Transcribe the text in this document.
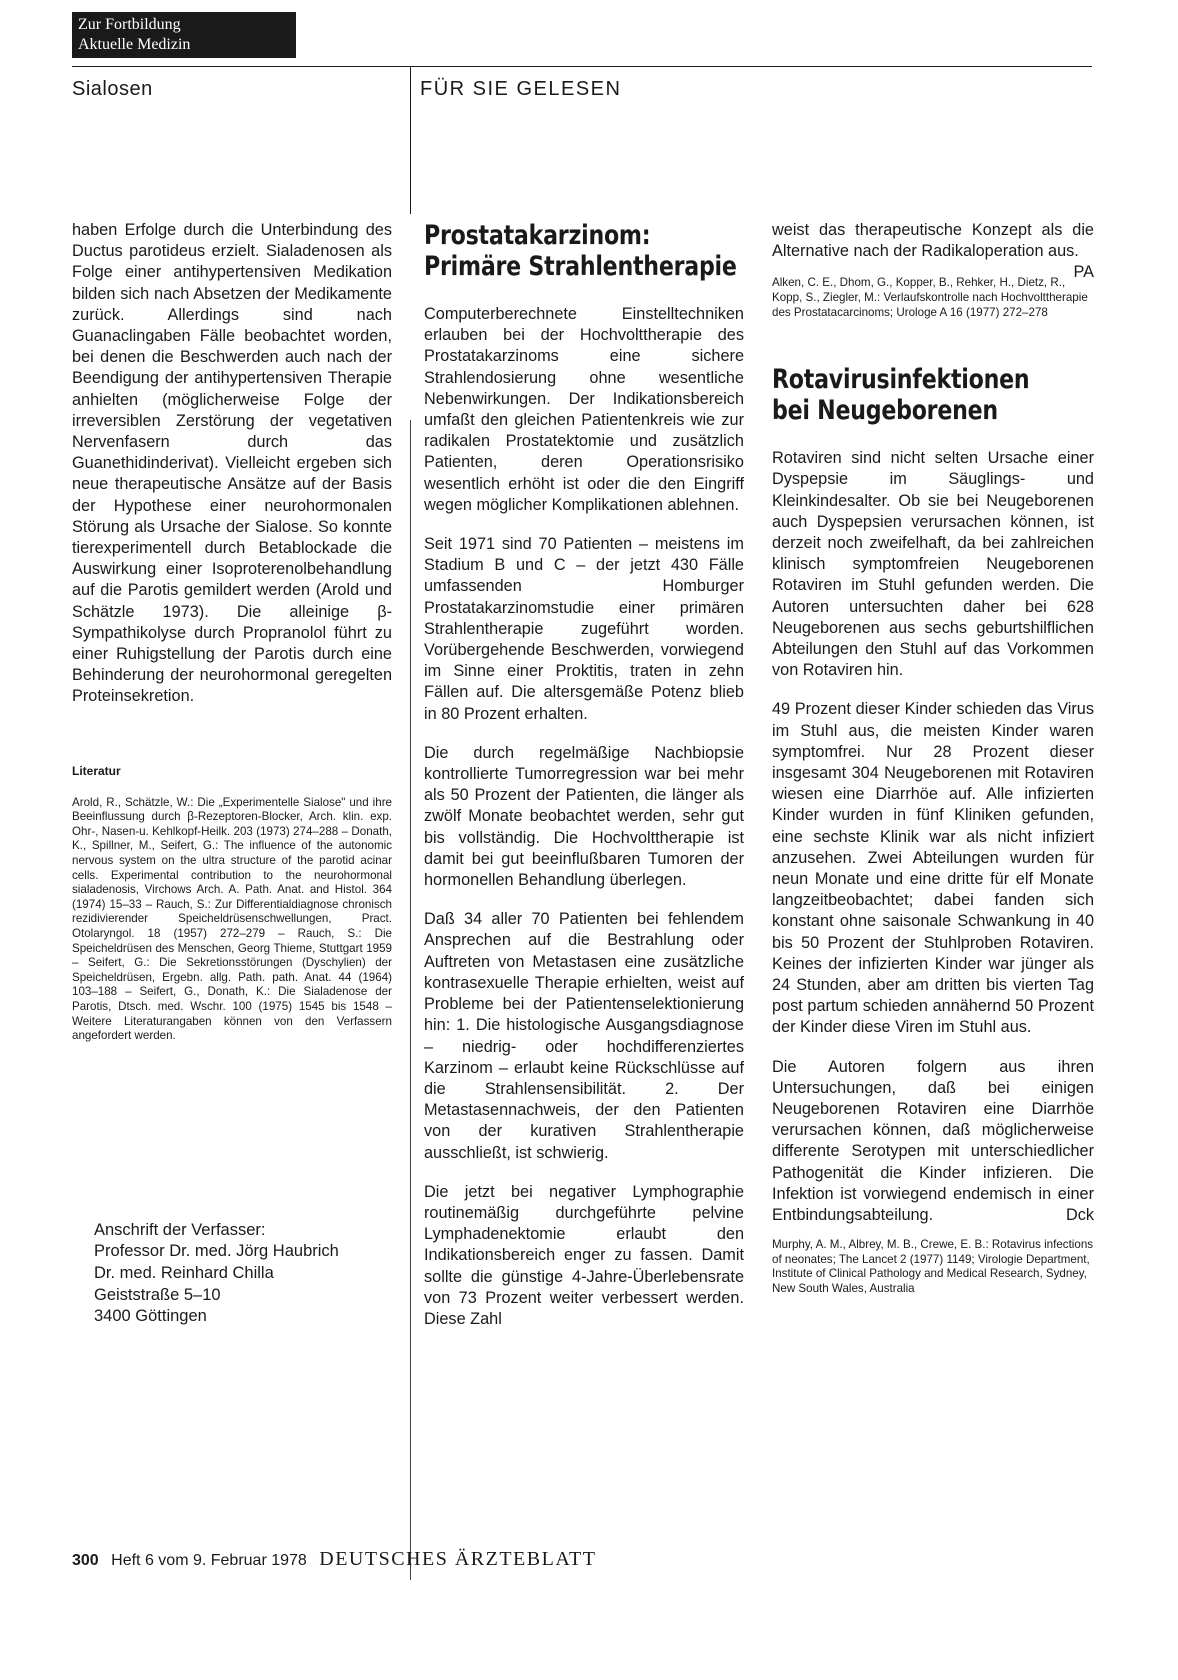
Zur Fortbildung
Aktuelle Medizin
Sialosen	FÜR SIE GELESEN

haben Erfolge durch die Unterbindung des Ductus parotideus erzielt. Sialadenosen als Folge einer antihypertensiven Medikation bilden sich nach Absetzen der Medikamente zurück. Allerdings sind nach Guanaclingaben Fälle beobachtet worden, bei denen die Beschwerden auch nach der Beendigung der antihypertensiven Therapie anhielten (möglicherweise Folge der irreversiblen Zerstörung der vegetativen Nervenfasern durch das Guanethidinderivat). Vielleicht ergeben sich neue therapeutische Ansätze auf der Basis der Hypothese einer neurohormonalen Störung als Ursache der Sialose. So konnte tierexperimentell durch Betablockade die Auswirkung einer Isoproterenolbehandlung auf die Parotis gemildert werden (Arold und Schätzle 1973). Die alleinige β-Sympathikolyse durch Propranolol führt zu einer Ruhigstellung der Parotis durch eine Behinderung der neurohormonal geregelten Proteinsekretion.

Literatur

Arold, R., Schätzle, W.: Die „Experimentelle Sialose" und ihre Beeinflussung durch β-Rezeptoren-Blocker, Arch. klin. exp. Ohr-, Nasen-u. Kehlkopf-Heilk. 203 (1973) 274–288 – Donath, K., Spillner, M., Seifert, G.: The influence of the autonomic nervous system on the ultra structure of the parotid acinar cells. Experimental contribution to the neurohormonal sialadenosis, Virchows Arch. A. Path. Anat. and Histol. 364 (1974) 15–33 – Rauch, S.: Zur Differentialdiagnose chronisch rezidivierender Speicheldrüsenschwellungen, Pract. Otolaryngol. 18 (1957) 272–279 – Rauch, S.: Die Speicheldrüsen des Menschen, Georg Thieme, Stuttgart 1959 – Seifert, G.: Die Sekretionsstörungen (Dyschylien) der Speicheldrüsen, Ergebn. allg. Path. path. Anat. 44 (1964) 103–188 – Seifert, G., Donath, K.: Die Sialadenose der Parotis, Dtsch. med. Wschr. 100 (1975) 1545 bis 1548 – Weitere Literaturangaben können von den Verfassern angefordert werden.

Anschrift der Verfasser:
Professor Dr. med. Jörg Haubrich
Dr. med. Reinhard Chilla
Geiststraße 5–10
3400 Göttingen
Prostatakarzinom:
Primäre Strahlentherapie

Computerberechnete Einstelltechniken erlauben bei der Hochvolttherapie des Prostatakarzinoms eine sichere Strahlendosierung ohne wesentliche Nebenwirkungen. Der Indikationsbereich umfaßt den gleichen Patientenkreis wie zur radikalen Prostatektomie und zusätzlich Patienten, deren Operationsrisiko wesentlich erhöht ist oder die den Eingriff wegen möglicher Komplikationen ablehnen.

Seit 1971 sind 70 Patienten – meistens im Stadium B und C – der jetzt 430 Fälle umfassenden Homburger Prostatakarzinomstudie einer primären Strahlentherapie zugeführt worden. Vorübergehende Beschwerden, vorwiegend im Sinne einer Proktitis, traten in zehn Fällen auf. Die altersgemäße Potenz blieb in 80 Prozent erhalten.

Die durch regelmäßige Nachbiopsie kontrollierte Tumorregression war bei mehr als 50 Prozent der Patienten, die länger als zwölf Monate beobachtet werden, sehr gut bis vollständig. Die Hochvolttherapie ist damit bei gut beeinflußbaren Tumoren der hormonellen Behandlung überlegen.

Daß 34 aller 70 Patienten bei fehlendem Ansprechen auf die Bestrahlung oder Auftreten von Metastasen eine zusätzliche kontrasexuelle Therapie erhielten, weist auf Probleme bei der Patientenselektionierung hin: 1. Die histologische Ausgangsdiagnose – niedrig- oder hochdifferenziertes Karzinom – erlaubt keine Rückschlüsse auf die Strahlensensibilität. 2. Der Metastasennachweis, der den Patienten von der kurativen Strahlentherapie ausschließt, ist schwierig.

Die jetzt bei negativer Lymphographie routinemäßig durchgeführte pelvine Lymphadenektomie erlaubt den Indikationsbereich enger zu fassen. Damit sollte die günstige 4-Jahre-Überlebensrate von 73 Prozent weiter verbessert werden. Diese Zahl

weist das therapeutische Konzept als die Alternative nach der Radikaloperation aus.
PA

Alken, C. E., Dhom, G., Kopper, B., Rehker, H., Dietz, R., Kopp, S., Ziegler, M.: Verlaufskontrolle nach Hochvolttherapie des Prostatacarcinoms; Urologe A 16 (1977) 272–278

Rotavirusinfektionen
bei Neugeborenen

Rotaviren sind nicht selten Ursache einer Dyspepsie im Säuglings- und Kleinkindesalter. Ob sie bei Neugeborenen auch Dyspepsien verursachen können, ist derzeit noch zweifelhaft, da bei zahlreichen klinisch symptomfreien Neugeborenen Rotaviren im Stuhl gefunden werden. Die Autoren untersuchten daher bei 628 Neugeborenen aus sechs geburtshilflichen Abteilungen den Stuhl auf das Vorkommen von Rotaviren hin.

49 Prozent dieser Kinder schieden das Virus im Stuhl aus, die meisten Kinder waren symptomfrei. Nur 28 Prozent dieser insgesamt 304 Neugeborenen mit Rotaviren wiesen eine Diarrhöe auf. Alle infizierten Kinder wurden in fünf Kliniken gefunden, eine sechste Klinik war als nicht infiziert anzusehen. Zwei Abteilungen wurden für neun Monate und eine dritte für elf Monate langzeitbeobachtet; dabei fanden sich konstant ohne saisonale Schwankung in 40 bis 50 Prozent der Stuhlproben Rotaviren. Keines der infizierten Kinder war jünger als 24 Stunden, aber am dritten bis vierten Tag post partum schieden annähernd 50 Prozent der Kinder diese Viren im Stuhl aus.

Die Autoren folgern aus ihren Untersuchungen, daß bei einigen Neugeborenen Rotaviren eine Diarrhöe verursachen können, daß möglicherweise differente Serotypen mit unterschiedlicher Pathogenität die Kinder infizieren. Die Infektion ist vorwiegend endemisch in einer Entbindungsabteilung.	Dck

Murphy, A. M., Albrey, M. B., Crewe, E. B.: Rotavirus infections of neonates; The Lancet 2 (1977) 1149; Virologie Department, Institute of Clinical Pathology and Medical Research, Sydney, New South Wales, Australia

300 Heft 6 vom 9. Februar 1978 DEUTSCHES ÄRZTEBLATT
